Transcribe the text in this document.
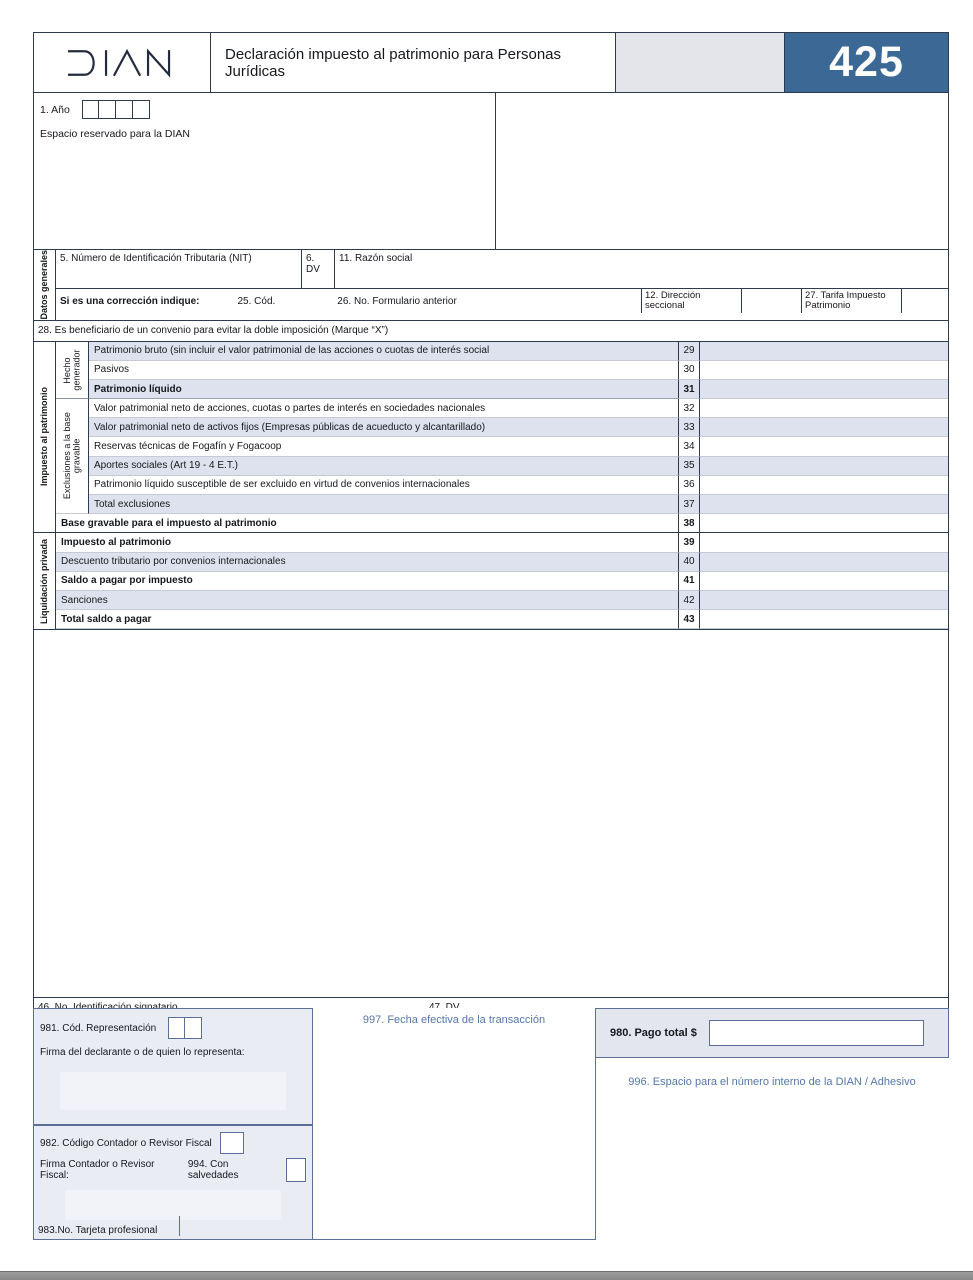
Declaración impuesto al patrimonio para Personas Jurídicas	425
1. Año
Espacio reservado para la DIAN
Datos generales	5. Número de Identificación Tributaria (NIT)	6. DV
11. Razón social
Si es una corrección indique:	25. Cód.	26. No. Formulario anterior	12. Dirección seccional
27. Tarifa Impuesto Patrimonio
28. Es beneficiario de un convenio para evitar la doble imposición (Marque “X”)
Impuesto al patrimonio
Liquidación privada
Hecho generador
Exclusiones a la base gravable
Patrimonio bruto (sin incluir el valor patrimonial de las acciones o cuotas de interés social	29
Pasivos	30
Patrimonio líquido	31
Valor patrimonial neto de acciones, cuotas o partes de interés en sociedades nacionales	32
Valor patrimonial neto de activos fijos (Empresas públicas de acueducto y alcantarillado)	33
Reservas técnicas de Fogafín y Fogacoop	34
Aportes sociales (Art 19 - 4 E.T.)	35
Patrimonio líquido susceptible de ser excluido en virtud de convenios internacionales	36
Total exclusiones	37
Base gravable para el impuesto al patrimonio	38
Impuesto al patrimonio	39
Descuento tributario por convenios internacionales	40
Saldo a pagar por impuesto	41
Sanciones	42
Total saldo a pagar	43
981. Cód. Representación
Firma del declarante o de quien lo representa:
982. Código Contador o Revisor Fiscal
Firma Contador o Revisor Fiscal:
994. Con salvedades
983.No. Tarjeta profesional
997. Fecha efectiva de la transacción
980. Pago total $
996. Espacio para el número interno de la DIAN / Adhesivo
